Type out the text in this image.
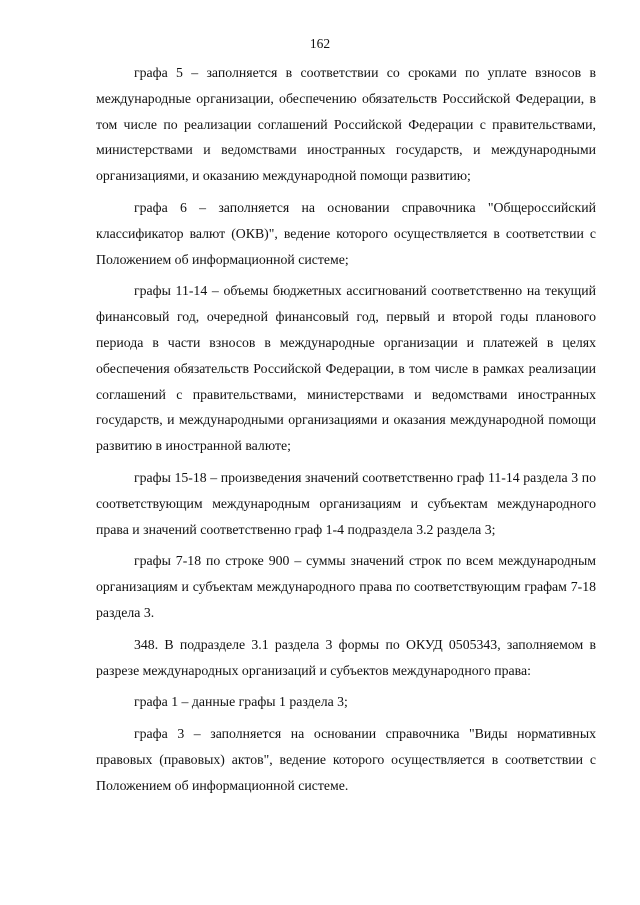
162

графа 5 – заполняется в соответствии со сроками по уплате взносов в международные организации, обеспечению обязательств Российской Федерации, в том числе по реализации соглашений Российской Федерации с правительствами, министерствами и ведомствами иностранных государств, и международными организациями, и оказанию международной помощи развитию;

графа 6 – заполняется на основании справочника "Общероссийский классификатор валют (ОКВ)", ведение которого осуществляется в соответствии с Положением об информационной системе;

графы 11-14 – объемы бюджетных ассигнований соответственно на текущий финансовый год, очередной финансовый год, первый и второй годы планового периода в части взносов в международные организации и платежей в целях обеспечения обязательств Российской Федерации, в том числе в рамках реализации соглашений с правительствами, министерствами и ведомствами иностранных государств, и международными организациями и оказания международной помощи развитию в иностранной валюте;

графы 15-18 – произведения значений соответственно граф 11-14 раздела 3 по соответствующим международным организациям и субъектам международного права и значений соответственно граф 1-4 подраздела 3.2 раздела 3;

графы 7-18 по строке 900 – суммы значений строк по всем международным организациям и субъектам международного права по соответствующим графам 7-18 раздела 3.

348. В подразделе 3.1 раздела 3 формы по ОКУД 0505343, заполняемом в разрезе международных организаций и субъектов международного права:

графа 1 – данные графы 1 раздела 3;

графа 3 – заполняется на основании справочника "Виды нормативных правовых (правовых) актов", ведение которого осуществляется в соответствии с Положением об информационной системе.
